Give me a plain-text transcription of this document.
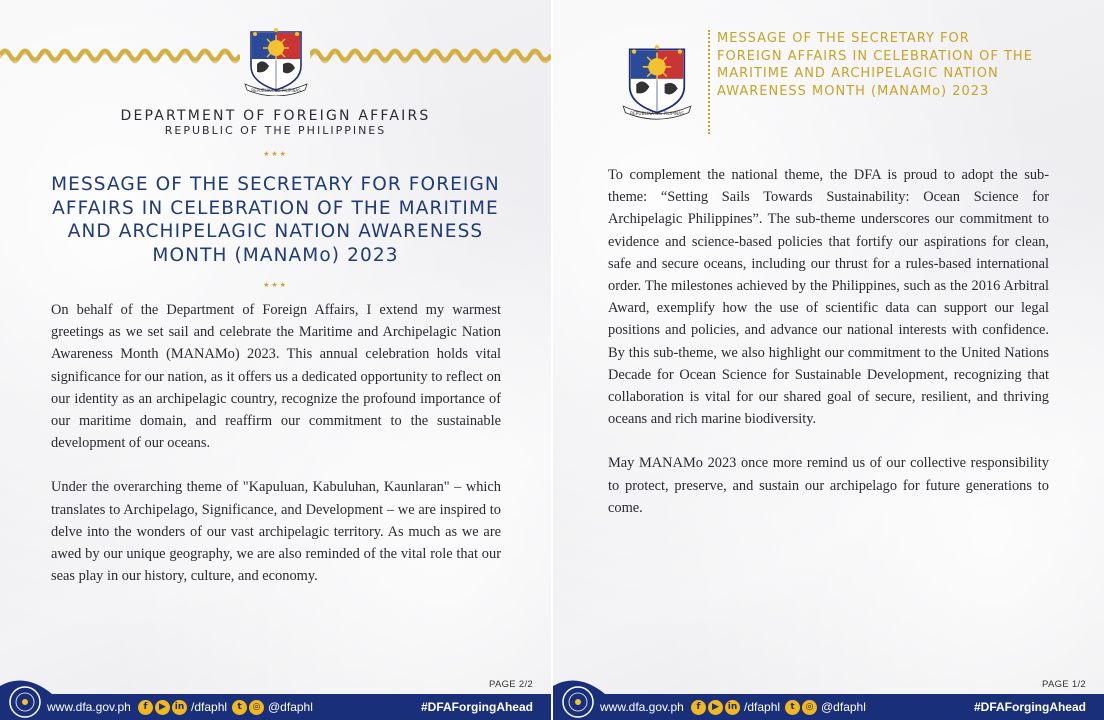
REPUBLIKA NG PILIPINAS
DEPARTMENT OF FOREIGN AFFAIRS
REPUBLIC OF THE PHILIPPINES
★★★
MESSAGE OF THE SECRETARY FOR FOREIGN AFFAIRS IN CELEBRATION OF THE MARITIME AND ARCHIPELAGIC NATION AWARENESS MONTH (MANAMo) 2023
★★★

On behalf of the Department of Foreign Affairs, I extend my warmest greetings as we set sail and celebrate the Maritime and Archipelagic Nation Awareness Month (MANAMo) 2023. This annual celebration holds vital significance for our nation, as it offers us a dedicated opportunity to reflect on our identity as an archipelagic country, recognize the profound importance of our maritime domain, and reaffirm our commitment to the sustainable development of our oceans.

Under the overarching theme of "Kapuluan, Kabuluhan, Kaunlaran" – which translates to Archipelago, Significance, and Development – we are inspired to delve into the wonders of our vast archipelagic territory. As much as we are awed by our unique geography, we are also reminded of the vital role that our seas play in our history, culture, and economy.

PAGE 2/2
www.dfa.gov.ph	f	▶ in /dfaphl	t	◎ @dfaphl	#DFAForgingAhead
REPUBLIKA NG PILIPINAS
MESSAGE OF THE SECRETARY FOR FOREIGN AFFAIRS IN CELEBRATION OF THE MARITIME AND ARCHIPELAGIC NATION AWARENESS MONTH (MANAMo) 2023

To complement the national theme, the DFA is proud to adopt the sub-theme: “Setting Sails Towards Sustainability: Ocean Science for Archipelagic Philippines”. The sub-theme underscores our commitment to evidence and science-based policies that fortify our aspirations for clean, safe and secure oceans, including our thrust for a rules-based international order. The milestones achieved by the Philippines, such as the 2016 Arbitral Award, exemplify how the use of scientific data can support our legal positions and policies, and advance our national interests with confidence. By this sub-theme, we also highlight our commitment to the United Nations Decade for Ocean Science for Sustainable Development, recognizing that collaboration is vital for our shared goal of secure, resilient, and thriving oceans and rich marine biodiversity.

May MANAMo 2023 once more remind us of our collective responsibility to protect, preserve, and sustain our archipelago for future generations to come.

PAGE 1/2
www.dfa.gov.ph	f	▶ in /dfaphl	t	◎ @dfaphl	#DFAForgingAhead
